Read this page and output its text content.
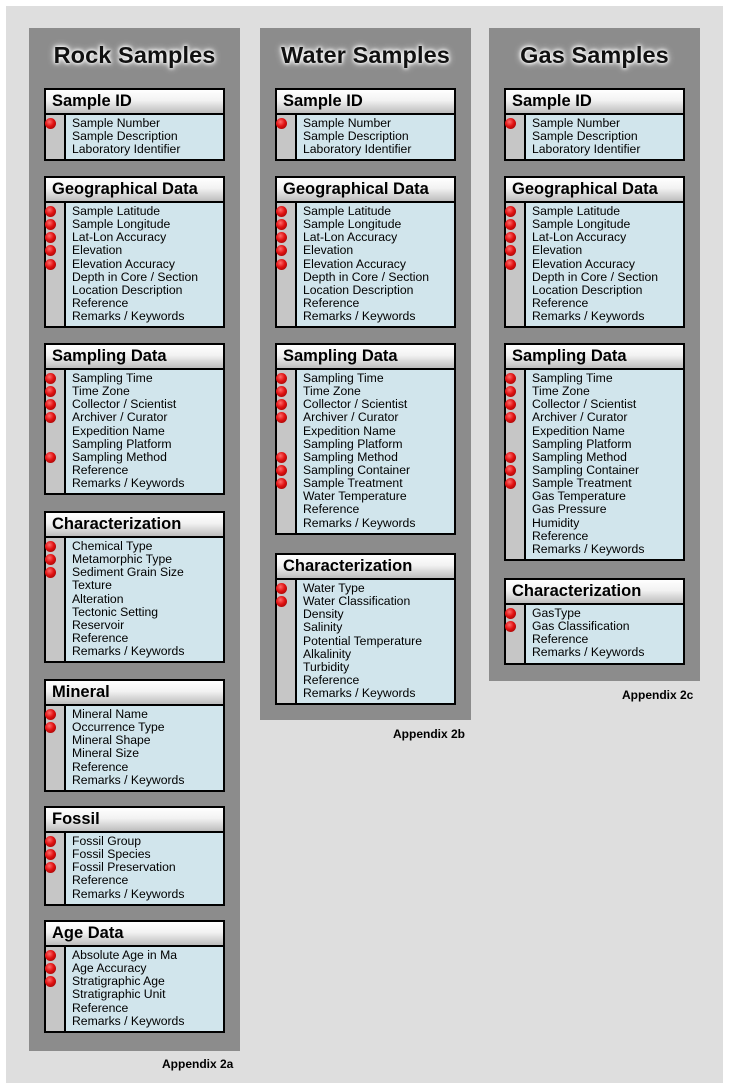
Rock Samples
Sample ID
Sample Number
Sample Description
Laboratory Identifier
Geographical Data
Sample Latitude
Sample Longitude
Lat-Lon Accuracy
Elevation
Elevation Accuracy
Depth in Core / Section
Location Description
Reference
Remarks / Keywords
Sampling Data
Sampling Time
Time Zone
Collector / Scientist
Archiver / Curator
Expedition Name
Sampling Platform
Sampling Method
Reference
Remarks / Keywords
Characterization
Chemical Type
Metamorphic Type
Sediment Grain Size
Texture
Alteration
Tectonic Setting
Reservoir
Reference
Remarks / Keywords
Mineral
Mineral Name
Occurrence Type
Mineral Shape
Mineral Size
Reference
Remarks / Keywords
Fossil
Fossil Group
Fossil Species
Fossil Preservation
Reference
Remarks / Keywords
Age Data
Absolute Age in Ma
Age Accuracy
Stratigraphic Age
Stratigraphic Unit
Reference
Remarks / Keywords
Water Samples
Sample ID
Sample Number
Sample Description
Laboratory Identifier
Geographical Data
Sample Latitude
Sample Longitude
Lat-Lon Accuracy
Elevation
Elevation Accuracy
Depth in Core / Section
Location Description
Reference
Remarks / Keywords
Sampling Data
Sampling Time
Time Zone
Collector / Scientist
Archiver / Curator
Expedition Name
Sampling Platform
Sampling Method
Sampling Container
Sample Treatment
Water Temperature
Reference
Remarks / Keywords
Characterization
Water Type
Water Classification
Density
Salinity
Potential Temperature
Alkalinity
Turbidity
Reference
Remarks / Keywords
Gas Samples
Sample ID
Sample Number
Sample Description
Laboratory Identifier
Geographical Data
Sample Latitude
Sample Longitude
Lat-Lon Accuracy
Elevation
Elevation Accuracy
Depth in Core / Section
Location Description
Reference
Remarks / Keywords
Sampling Data
Sampling Time
Time Zone
Collector / Scientist
Archiver / Curator
Expedition Name
Sampling Platform
Sampling Method
Sampling Container
Sample Treatment
Gas Temperature
Gas Pressure
Humidity
Reference
Remarks / Keywords
Characterization
GasType
Gas Classification
Reference
Remarks / Keywords
Appendix 2a
Appendix 2b
Appendix 2c
